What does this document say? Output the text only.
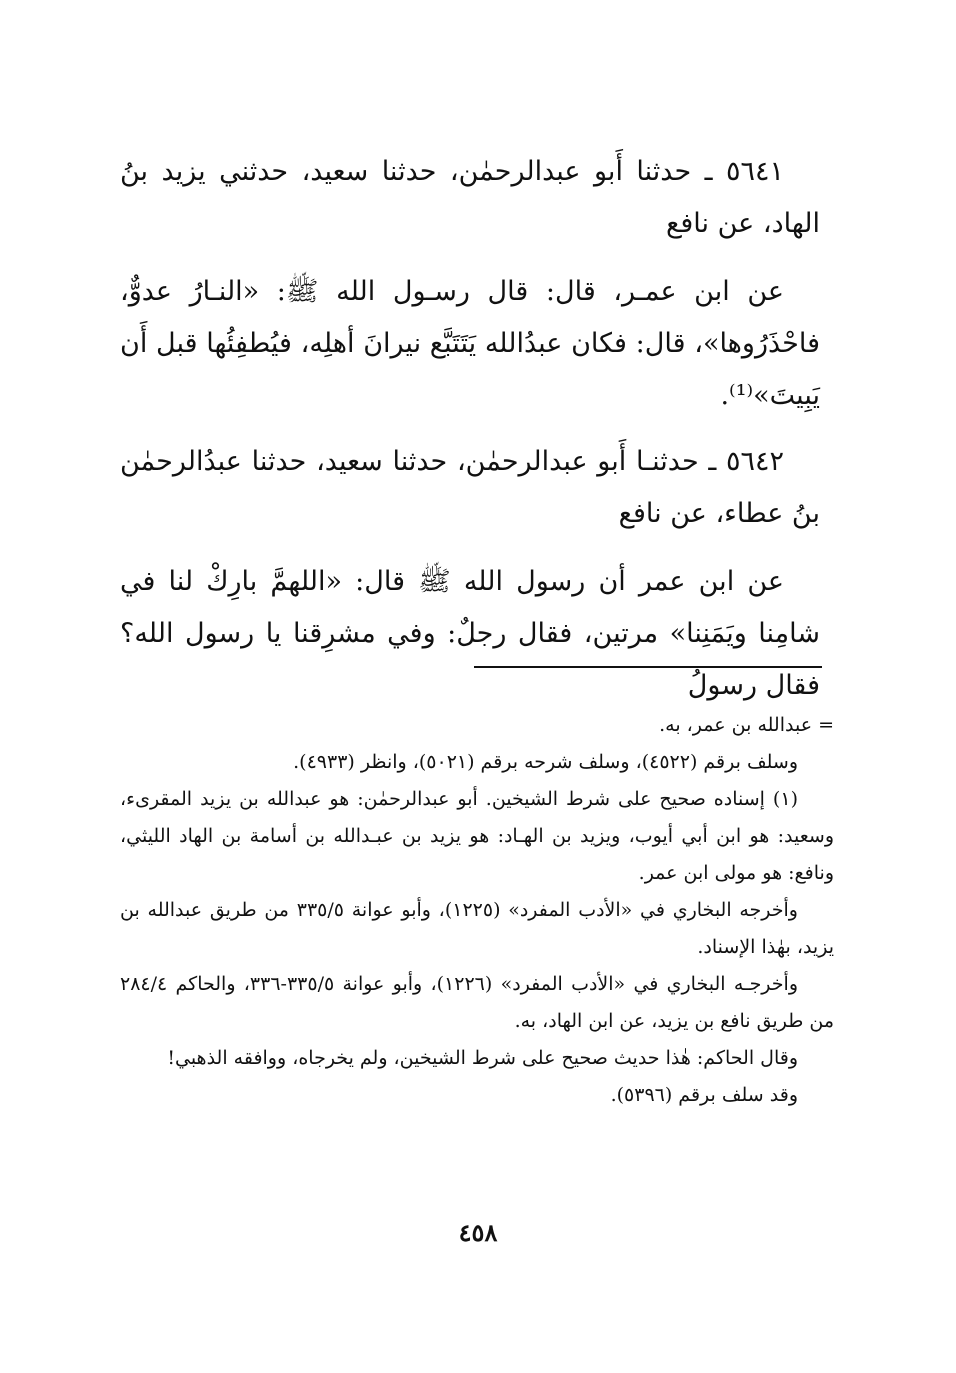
٥٦٤١ ـ حدثنا أَبو عبدالرحمٰن، حدثنا سعيد، حدثني يزيد بنُ الهاد، عن نافع

عن ابن عمـر، قال: قال رسـول الله ﷺ: «النـارُ عدوٌّ، فاحْذَرُوها»، قال: فكان عبدُالله يَتَتَبَّع نيرانَ أهلِه، فيُطفِئُها قبل أَن يَبِيتَ»⁽¹⁾.

٥٦٤٢ ـ حدثنـا أَبو عبدالرحمٰن، حدثنا سعيد، حدثنا عبدُالرحمٰن بنُ عطاء، عن نافع

عن ابن عمر أن رسول الله ﷺ قال: «اللهمَّ بارِكْ لنا في شامِنا ويَمَنِنا» مرتين، فقال رجلٌ: وفي مشرِقنا يا رسول الله؟ فقال رسولُ

= عبدالله بن عمر، به.

وسلف برقم (٤٥٢٢)، وسلف شرحه برقم (٥٠٢١)، وانظر (٤٩٣٣).

(١) إسناده صحيح على شرط الشيخين. أبو عبدالرحمٰن: هو عبدالله بن يزيد المقرىء، وسعيد: هو ابن أبي أيوب، ويزيد بن الهـاد: هو يزيد بن عبـدالله بن أسامة بن الهاد الليثي، ونافع: هو مولى ابن عمر.

وأخرجه البخاري في «الأدب المفرد» (١٢٢٥)، وأبو عوانة ٣٣٥/٥ من طريق عبدالله بن يزيد، بهٰذا الإسناد.

وأخرجـه البخاري في «الأدب المفرد» (١٢٢٦)، وأبو عوانة ٣٣٥/٥-٣٣٦، والحاكم ٢٨٤/٤ من طريق نافع بن يزيد، عن ابن الهاد، به.

وقال الحاكم: هٰذا حديث صحيح على شرط الشيخين، ولم يخرجاه، ووافقه الذهبي!

وقد سلف برقم (٥٣٩٦).

٤٥٨
